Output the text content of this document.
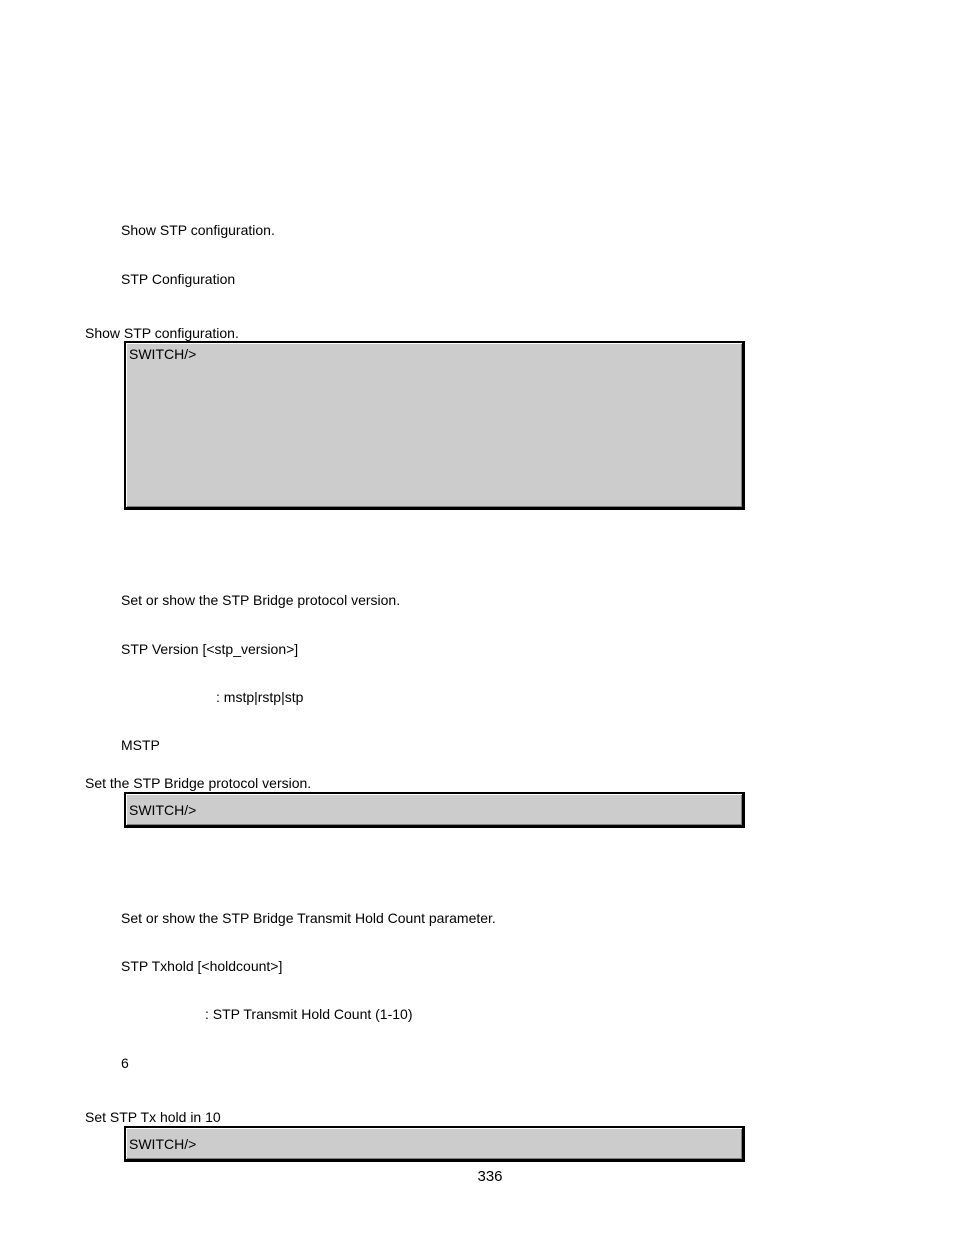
Show STP configuration.
STP Configuration
Show STP configuration.
SWITCH/>
Set or show the STP Bridge protocol version.
STP Version [<stp_version>]
: mstp|rstp|stp
MSTP
Set the STP Bridge protocol version.
SWITCH/>
Set or show the STP Bridge Transmit Hold Count parameter.
STP Txhold [<holdcount>]
: STP Transmit Hold Count (1-10)
6
Set STP Tx hold in 10
SWITCH/>
336
